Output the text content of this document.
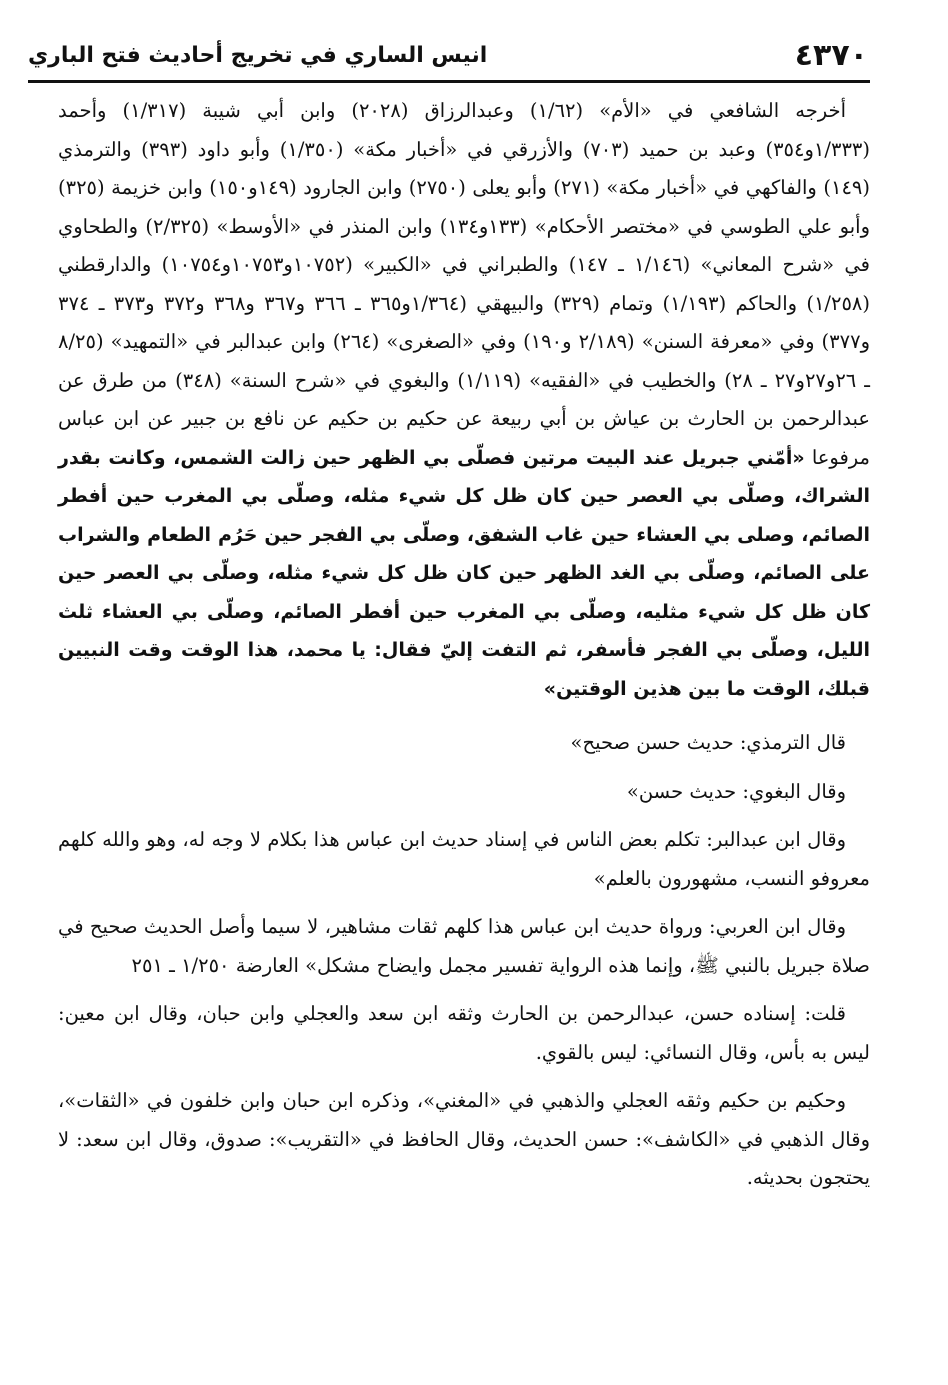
٤٣٧٠
انيس الساري في تخريج أحاديث فتح الباري

أخرجه الشافعي في «الأم» (١/٦٢) وعبدالرزاق (٢٠٢٨) وابن أبي شيبة (١/٣١٧) وأحمد (١/٣٣٣و٣٥٤) وعبد بن حميد (٧٠٣) والأزرقي في «أخبار مكة» (١/٣٥٠) وأبو داود (٣٩٣) والترمذي (١٤٩) والفاكهي في «أخبار مكة» (٢٧١) وأبو يعلى (٢٧٥٠) وابن الجارود (١٤٩و١٥٠) وابن خزيمة (٣٢٥) وأبو علي الطوسي في «مختصر الأحكام» (١٣٣و١٣٤) وابن المنذر في «الأوسط» (٢/٣٢٥) والطحاوي في «شرح المعاني» (١/١٤٦ ـ ١٤٧) والطبراني في «الكبير» (١٠٧٥٢و١٠٧٥٣و١٠٧٥٤) والدارقطني (١/٢٥٨) والحاكم (١/١٩٣) وتمام (٣٢٩) والبيهقي (١/٣٦٤و٣٦٥ ـ ٣٦٦ و٣٦٧ و٣٦٨ و٣٧٢ و٣٧٣ ـ ٣٧٤ و٣٧٧) وفي «معرفة السنن» (٢/١٨٩ و١٩٠) وفي «الصغرى» (٢٦٤) وابن عبدالبر في «التمهيد» (٨/٢٥ ـ ٢٦و٢٧و٢٧ ـ ٢٨) والخطيب في «الفقيه» (١/١١٩) والبغوي في «شرح السنة» (٣٤٨) من طرق عن عبدالرحمن بن الحارث بن عياش بن أبي ربيعة عن حكيم بن حكيم عن نافع بن جبير عن ابن عباس مرفوعا «أمّني جبريل عند البيت مرتين فصلّى بي الظهر حين زالت الشمس، وكانت بقدر الشراك، وصلّى بي العصر حين كان ظل كل شيء مثله، وصلّى بي المغرب حين أفطر الصائم، وصلى بي العشاء حين غاب الشفق، وصلّى بي الفجر حين حَرُم الطعام والشراب على الصائم، وصلّى بي الغد الظهر حين كان ظل كل شيء مثله، وصلّى بي العصر حين كان ظل كل شيء مثليه، وصلّى بي المغرب حين أفطر الصائم، وصلّى بي العشاء ثلث الليل، وصلّى بي الفجر فأسفر، ثم التفت إليّ فقال: يا محمد، هذا الوقت وقت النبيين قبلك، الوقت ما بين هذين الوقتين»

قال الترمذي: حديث حسن صحيح»

وقال البغوي: حديث حسن»

وقال ابن عبدالبر: تكلم بعض الناس في إسناد حديث ابن عباس هذا بكلام لا وجه له، وهو والله كلهم معروفو النسب، مشهورون بالعلم»

وقال ابن العربي: ورواة حديث ابن عباس هذا كلهم ثقات مشاهير، لا سيما وأصل الحديث صحيح في صلاة جبريل بالنبي ﷺ، وإنما هذه الرواية تفسير مجمل وايضاح مشكل» العارضة ١/٢٥٠ ـ ٢٥١

قلت: إسناده حسن، عبدالرحمن بن الحارث وثقه ابن سعد والعجلي وابن حبان، وقال ابن معين: ليس به بأس، وقال النسائي: ليس بالقوي.

وحكيم بن حكيم وثقه العجلي والذهبي في «المغني»، وذكره ابن حبان وابن خلفون في «الثقات»، وقال الذهبي في «الكاشف»: حسن الحديث، وقال الحافظ في «التقريب»: صدوق، وقال ابن سعد: لا يحتجون بحديثه.
